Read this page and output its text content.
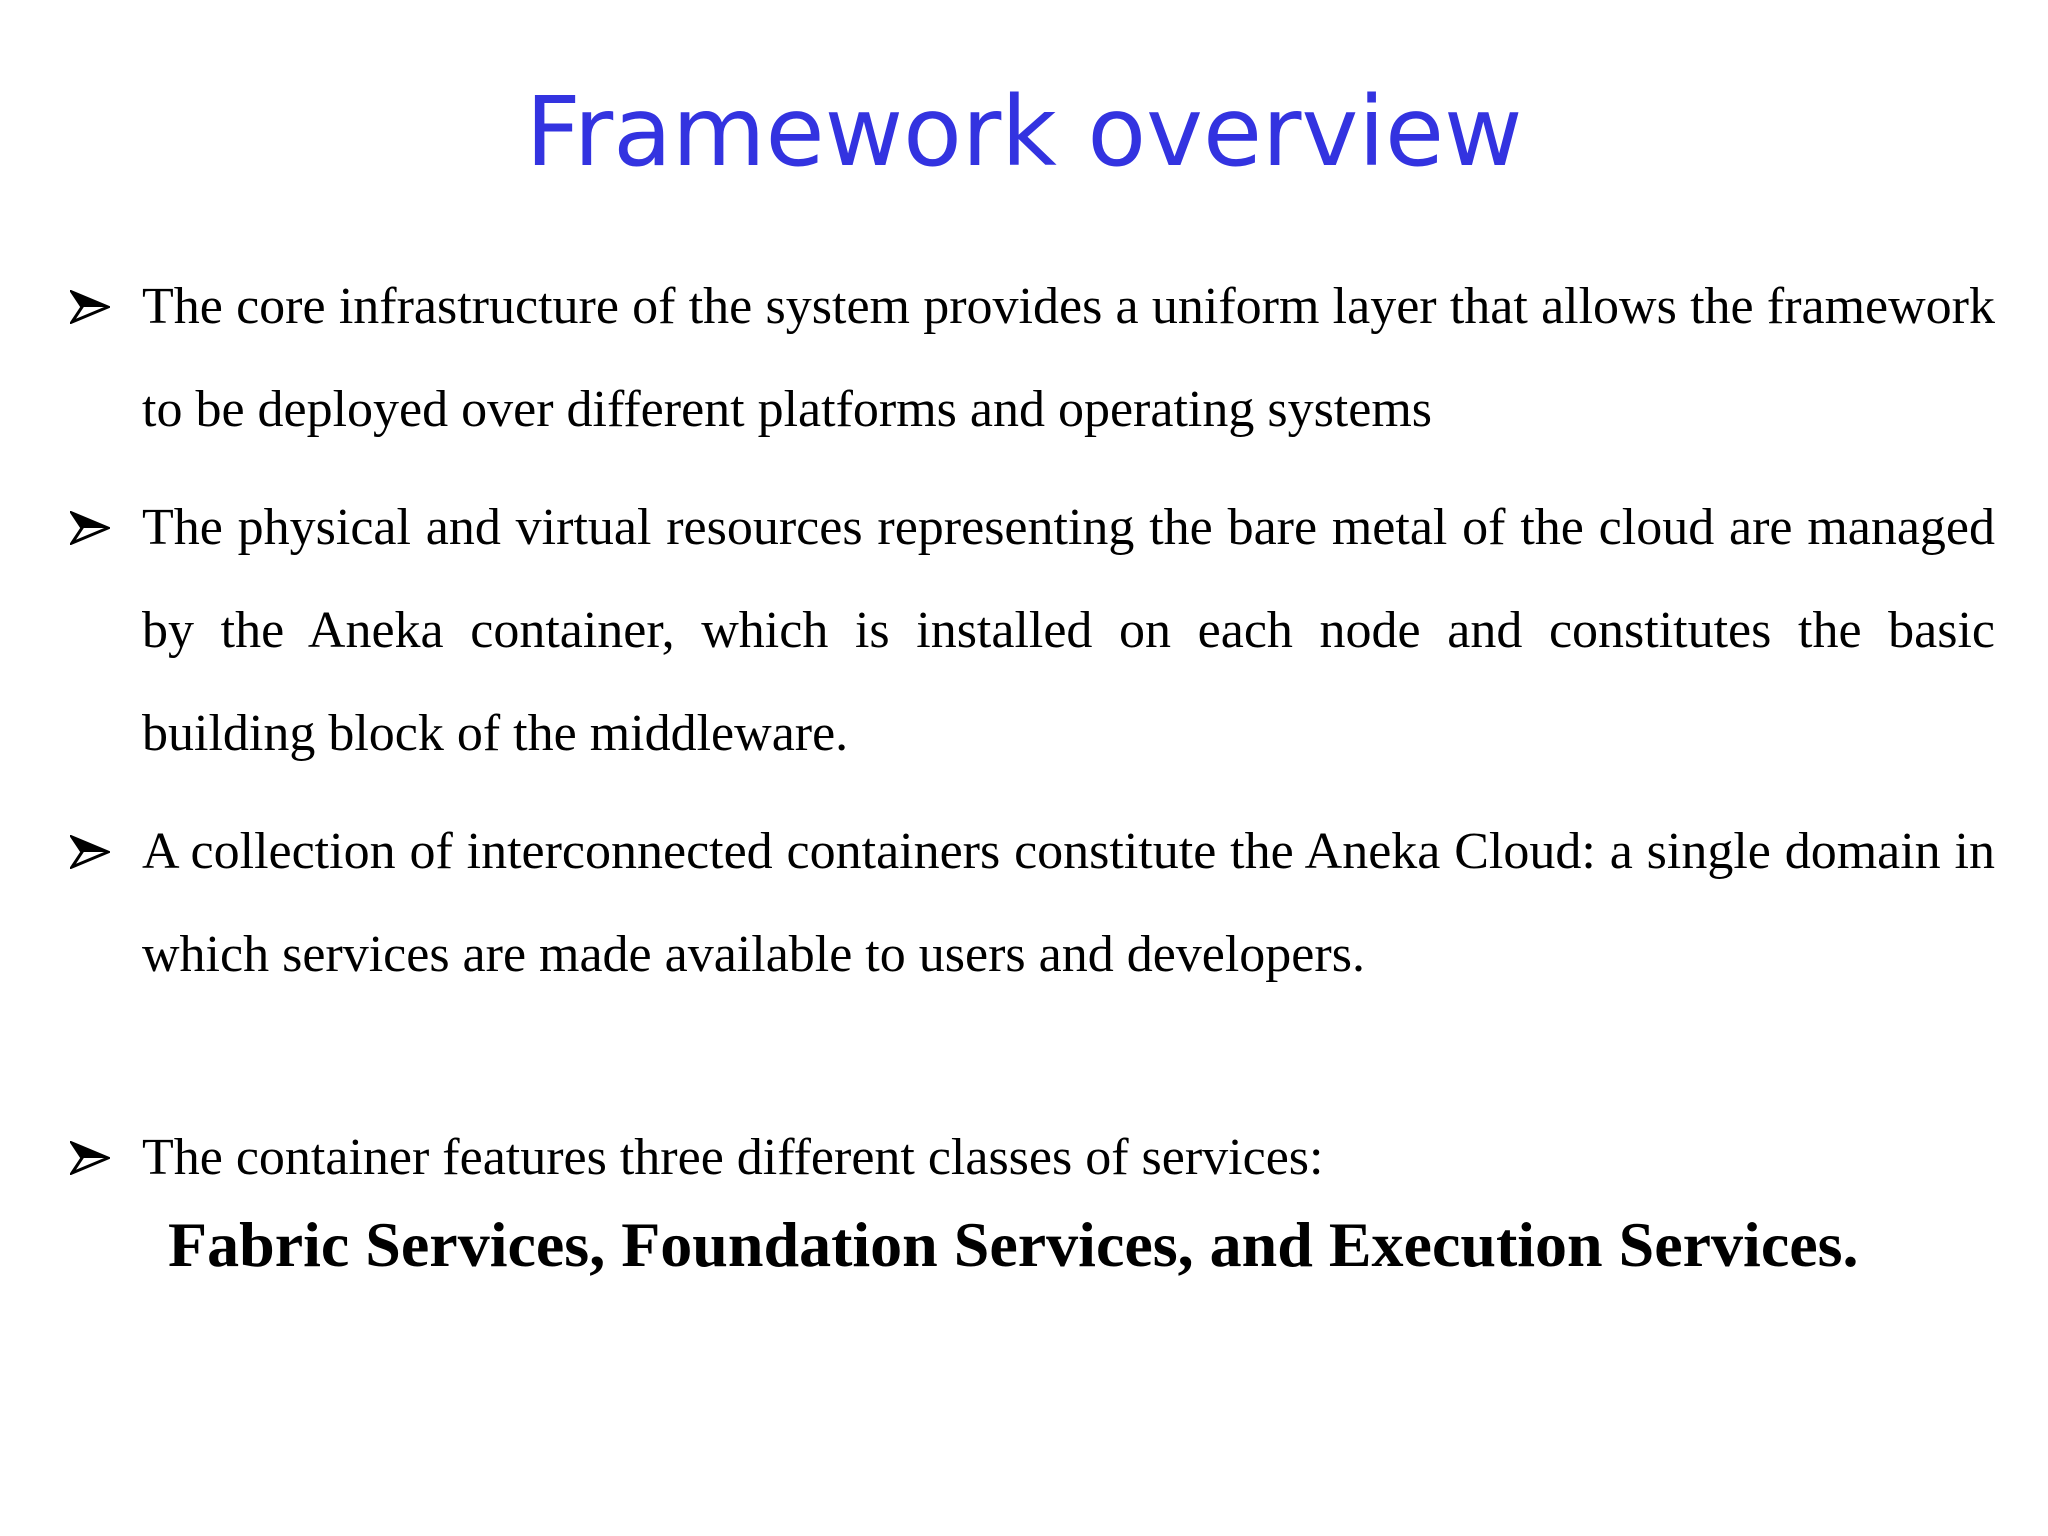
Framework overview
The core infrastructure of the system provides a uniform layer that allows the framework to be deployed over different platforms and operating systems
The physical and virtual resources representing the bare metal of the cloud are managed by the Aneka container, which is installed on each node and constitutes the basic building block of the middleware.
A collection of interconnected containers constitute the Aneka Cloud: a single domain in which services are made available to users and developers.
The container features three different classes of services:
Fabric Services, Foundation Services, and Execution Services.
